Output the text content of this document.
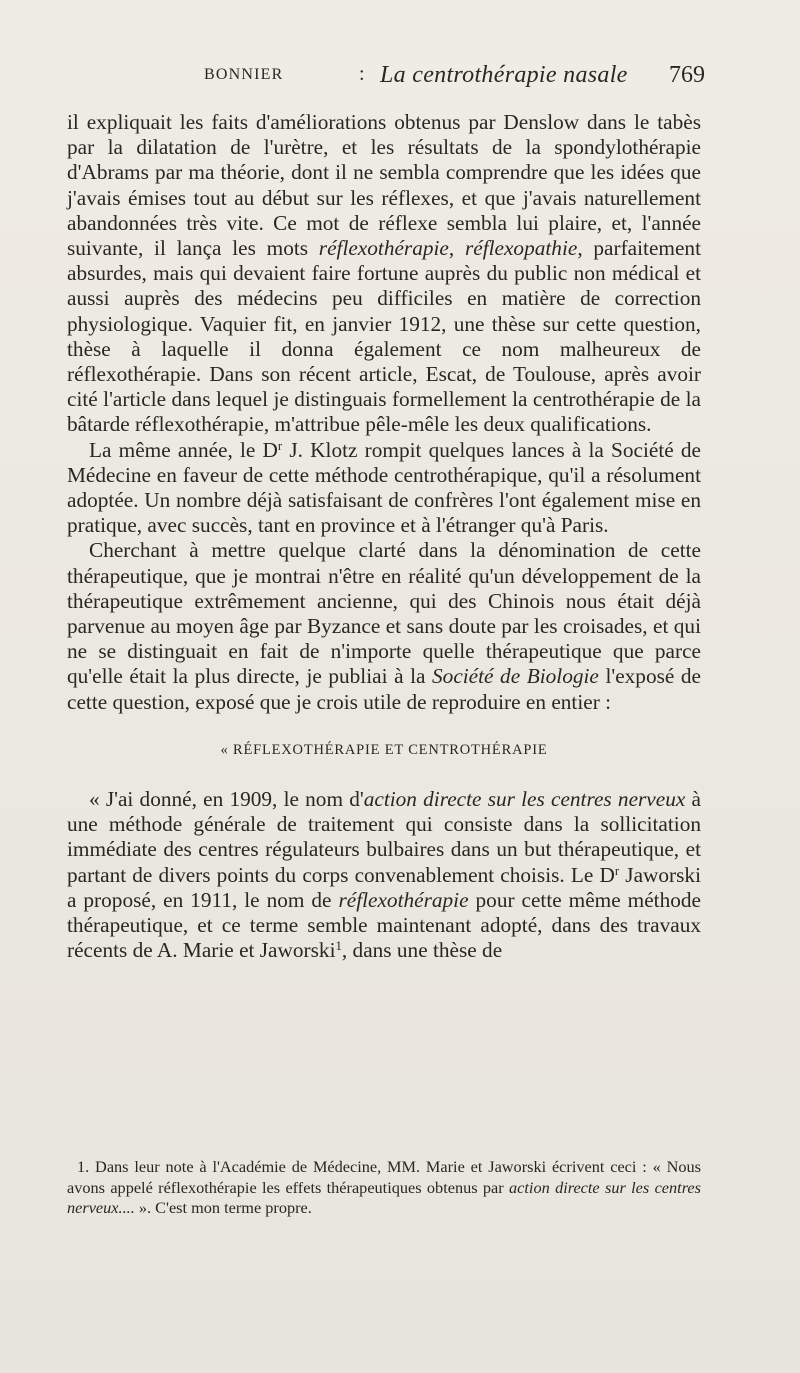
BONNIER	: La centrothérapie nasale 769

il expliquait les faits d'améliorations obtenus par Denslow dans le tabès par la dilatation de l'urètre, et les résultats de la spondylothérapie d'Abrams par ma théorie, dont il ne sembla comprendre que les idées que j'avais émises tout au début sur les réflexes, et que j'avais naturellement abandonnées très vite. Ce mot de réflexe sembla lui plaire, et, l'année suivante, il lança les mots réflexothérapie, réflexopathie, parfaitement absurdes, mais qui devaient faire fortune auprès du public non médical et aussi auprès des médecins peu difficiles en matière de correction physiologique. Vaquier fit, en janvier 1912, une thèse sur cette question, thèse à laquelle il donna également ce nom malheureux de réflexothérapie. Dans son récent article, Escat, de Toulouse, après avoir cité l'article dans lequel je distinguais formellement la centrothérapie de la bâtarde réflexothérapie, m'attribue pêle-mêle les deux qualifications.

La même année, le $D^r$ J. Klotz rompit quelques lances à la Société de Médecine en faveur de cette méthode centrothérapique, qu'il a résolument adoptée. Un nombre déjà satisfaisant de confrères l'ont également mise en pratique, avec succès, tant en province et à l'étranger qu'à Paris.

Cherchant à mettre quelque clarté dans la dénomination de cette thérapeutique, que je montrai n'être en réalité qu'un développement de la thérapeutique extrêmement ancienne, qui des Chinois nous était déjà parvenue au moyen âge par Byzance et sans doute par les croisades, et qui ne se distinguait en fait de n'importe quelle thérapeutique que parce qu'elle était la plus directe, je publiai à la Société de Biologie l'exposé de cette question, exposé que je crois utile de reproduire en entier :

« RÉFLEXOTHÉRAPIE ET CENTROTHÉRAPIE

« J'ai donné, en 1909, le nom d'action directe sur les centres nerveux à une méthode générale de traitement qui consiste dans la sollicitation immédiate des centres régulateurs bulbaires dans un but thérapeutique, et partant de divers points du corps convenablement choisis. Le $D^r$ Jaworski a proposé, en 1911, le nom de réflexothérapie pour cette même méthode thérapeutique, et ce terme semble maintenant adopté, dans des travaux récents de A. Marie et Jaworski$^1$, dans une thèse de

1. Dans leur note à l'Académie de Médecine, MM. Marie et Jaworski écrivent ceci : « Nous avons appelé réflexothérapie les effets thérapeutiques obtenus par action directe sur les centres nerveux.... ». C'est mon terme propre.
